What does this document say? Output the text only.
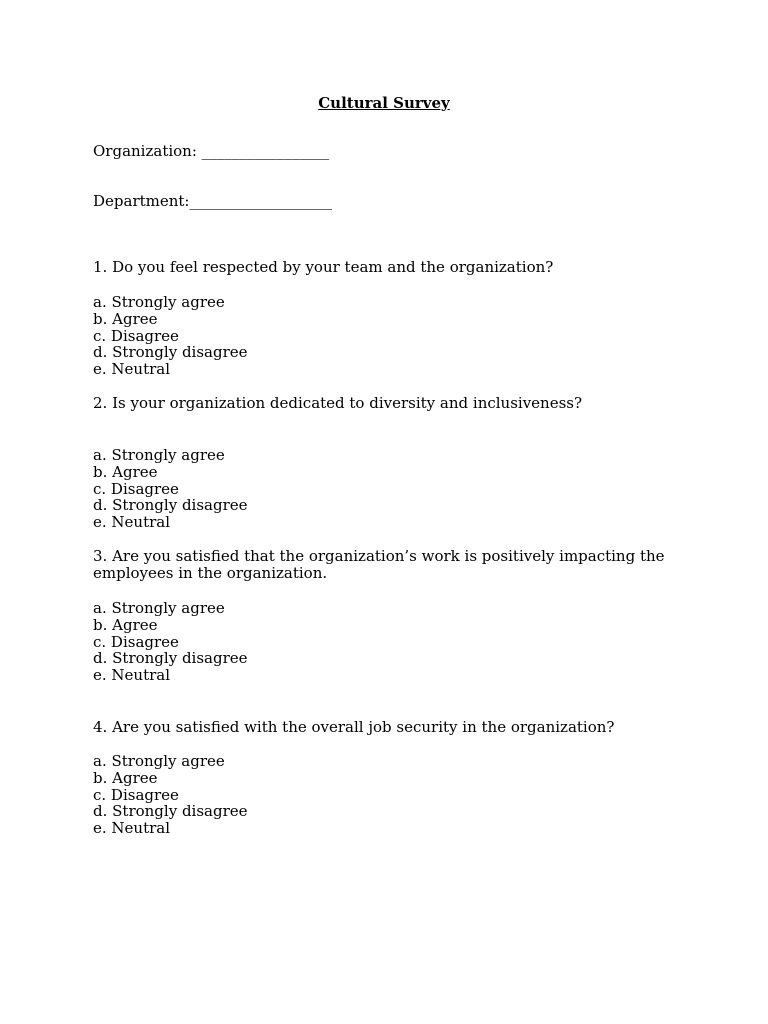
Cultural Survey
Organization: _________________
Department:___________________
1. Do you feel respected by your team and the organization?
a. Strongly agree
b. Agree
c. Disagree
d. Strongly disagree
e. Neutral
2. Is your organization dedicated to diversity and inclusiveness?
a. Strongly agree
b. Agree
c. Disagree
d. Strongly disagree
e. Neutral
3. Are you satisfied that the organization’s work is positively impacting the employees in the organization.
a. Strongly agree
b. Agree
c. Disagree
d. Strongly disagree
e. Neutral
4. Are you satisfied with the overall job security in the organization?
a. Strongly agree
b. Agree
c. Disagree
d. Strongly disagree
e. Neutral
